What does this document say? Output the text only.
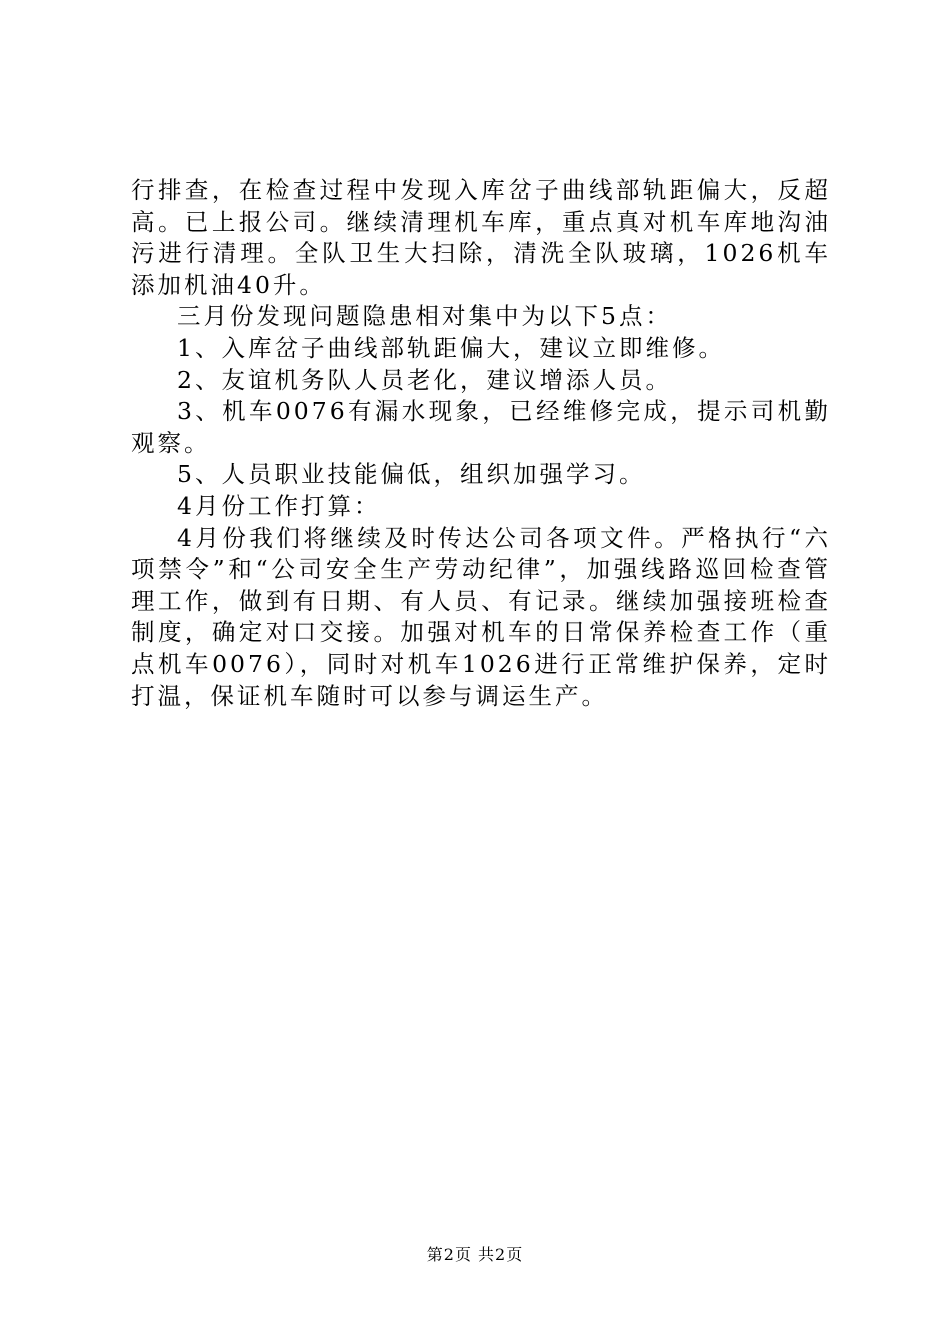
行排查，在检查过程中发现入库岔子曲线部轨距偏大，反超高。已上报公司。继续清理机车库，重点真对机车库地沟油污进行清理。全队卫生大扫除，清洗全队玻璃，1026机车添加机油40升。

三月份发现问题隐患相对集中为以下5点：

1、入库岔子曲线部轨距偏大，建议立即维修。

2、友谊机务队人员老化，建议增添人员。

3、机车0076有漏水现象，已经维修完成，提示司机勤观察。

5、人员职业技能偏低，组织加强学习。

4月份工作打算：

4月份我们将继续及时传达公司各项文件。严格执行“六项禁令”和“公司安全生产劳动纪律”，加强线路巡回检查管理工作，做到有日期、有人员、有记录。继续加强接班检查制度，确定对口交接。加强对机车的日常保养检查工作（重点机车0076），同时对机车1026进行正常维护保养，定时打温，保证机车随时可以参与调运生产。

第2页 共2页
